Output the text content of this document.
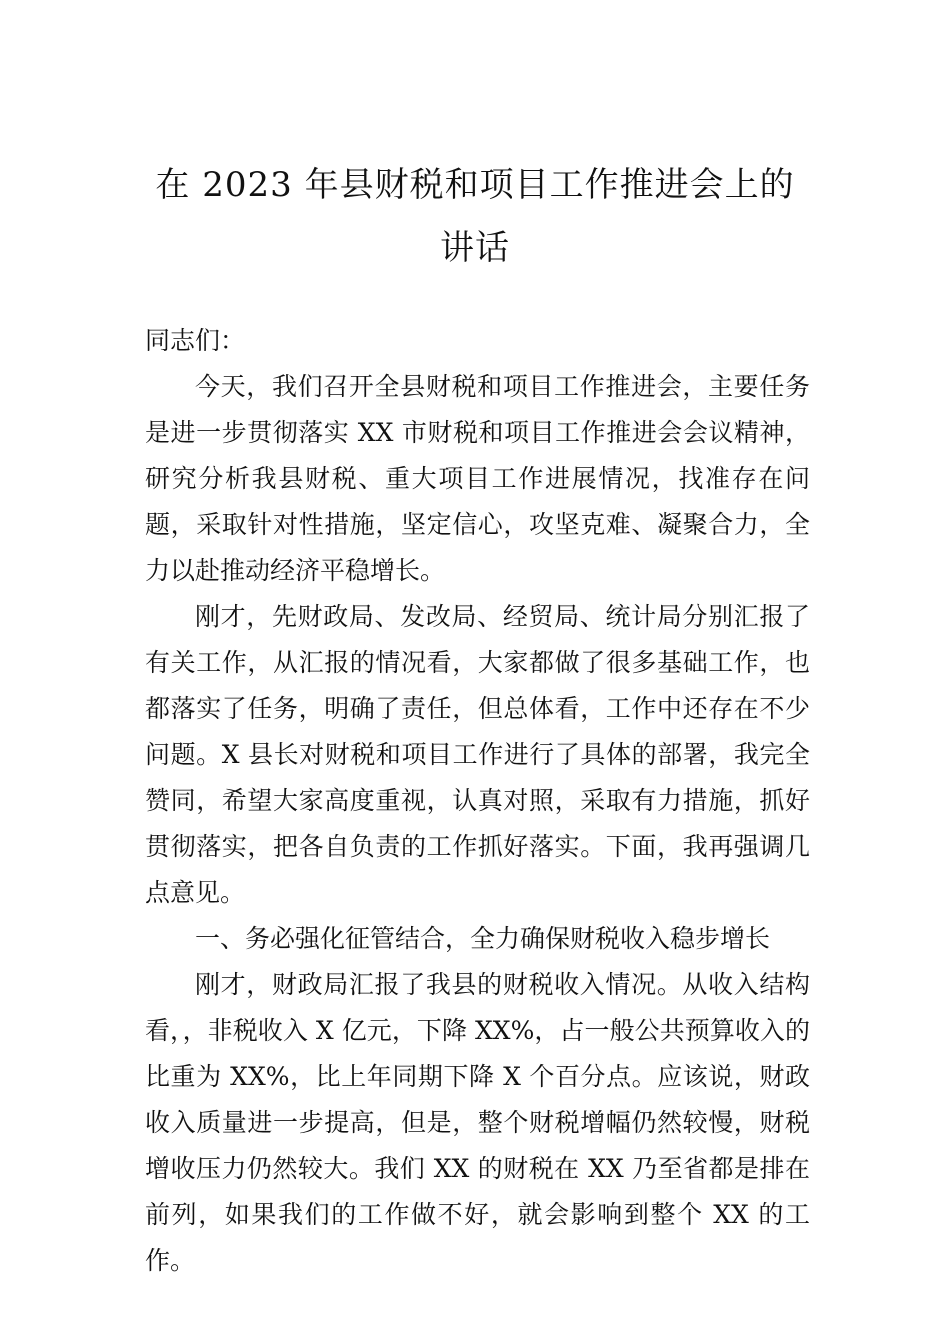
在 2023 年县财税和项目工作推进会上的
讲话

同志们：

今天，我们召开全县财税和项目工作推进会，主要任务是进一步贯彻落实 XX 市财税和项目工作推进会会议精神，研究分析我县财税、重大项目工作进展情况，找准存在问题，采取针对性措施，坚定信心，攻坚克难、凝聚合力，全力以赴推动经济平稳增长。

刚才，先财政局、发改局、经贸局、统计局分别汇报了有关工作，从汇报的情况看，大家都做了很多基础工作，也都落实了任务，明确了责任，但总体看，工作中还存在不少问题。X 县长对财税和项目工作进行了具体的部署，我完全赞同，希望大家高度重视，认真对照，采取有力措施，抓好贯彻落实，把各自负责的工作抓好落实。下面，我再强调几点意见。

一、务必强化征管结合，全力确保财税收入稳步增长

刚才，财政局汇报了我县的财税收入情况。从收入结构看，，非税收入 X 亿元，下降 XX%，占一般公共预算收入的比重为 XX%，比上年同期下降 X 个百分点。应该说，财政收入质量进一步提高，但是，整个财税增幅仍然较慢，财税增收压力仍然较大。我们 XX 的财税在 XX 乃至省都是排在前列，如果我们的工作做不好，就会影响到整个 XX 的工作。
